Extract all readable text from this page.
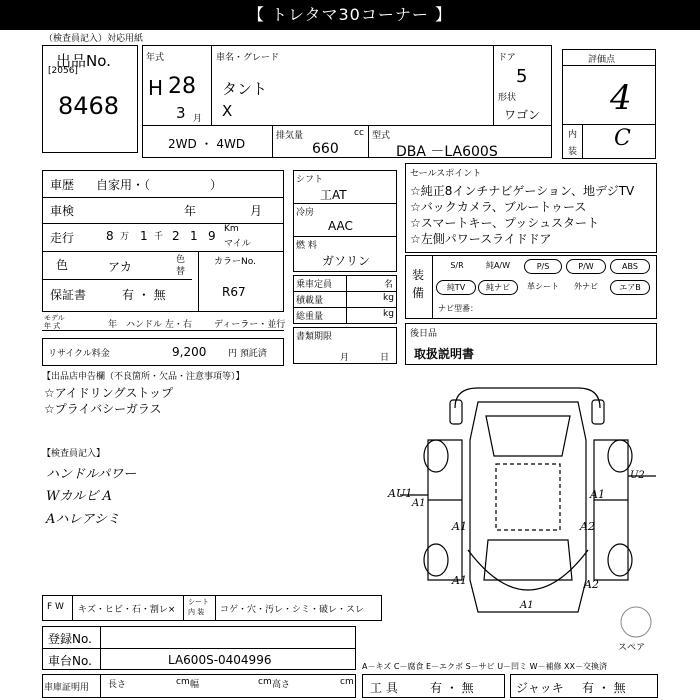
【 トレタマ30コーナー 】
（検査員記入）対応用紙
出品No.
[2056]
8468
年式
H 28
3 月
車名・グレード
タント
X
ドア
5
形状
ワゴン
2WD ・ 4WD
排気量	cc
660
型式
DBA －LA600S
評価点
4
内
装
C
車歴 自家用・（　　　　　）
車検	年	月
走行	8 万 1 千 2 1 9 Km
マイル
色	アカ	色
替
カラーNo.
R67
保証書	有 ・ 無
モデル
年 式	年 ハンドル 左・右 ディーラー・並行
シフト
工AT
冷房
AAC
燃 料
ガソリン
乗車定員	名
積載量	kg
総重量	kg
書類期限
月	日
セールスポイント
☆純正8インチナビゲーション、地デジTV
☆バックカメラ、ブルートゥース
☆スマートキー、プッシュスタート
☆左側パワースライドドア
装
備
S/R	純A/W	P/S	P/W	ABS
純TV	純ナビ	革シート	外ナビ	エアB
ナビ型番：
リサイクル料金	9,200 円 預託済
後日品
取扱説明書
【出品店申告欄（不良箇所・欠品・注意事項等）】
☆アイドリングストップ
☆プライバシーガラス
【検査員記入】
ハンドルパワー
Wカルビ A
Aハレアシミ
AU1
U2
A1
A1
A2
A1	A2
A1
A1
スペア
F W キズ・ヒビ・石・割レ×
シート
内 装 コゲ・穴・汚レ・シミ・破レ・スレ
登録No.
車台No.	LA600S-0404996	A－キズ C－腐食 E－エクボ S－サビ U－凹ミ W－補修 XX－交換済
車庫証明用 長さ	cm 幅	cm 高さ	cm 工 具	有 ・ 無	ジャッキ 有 ・ 無
